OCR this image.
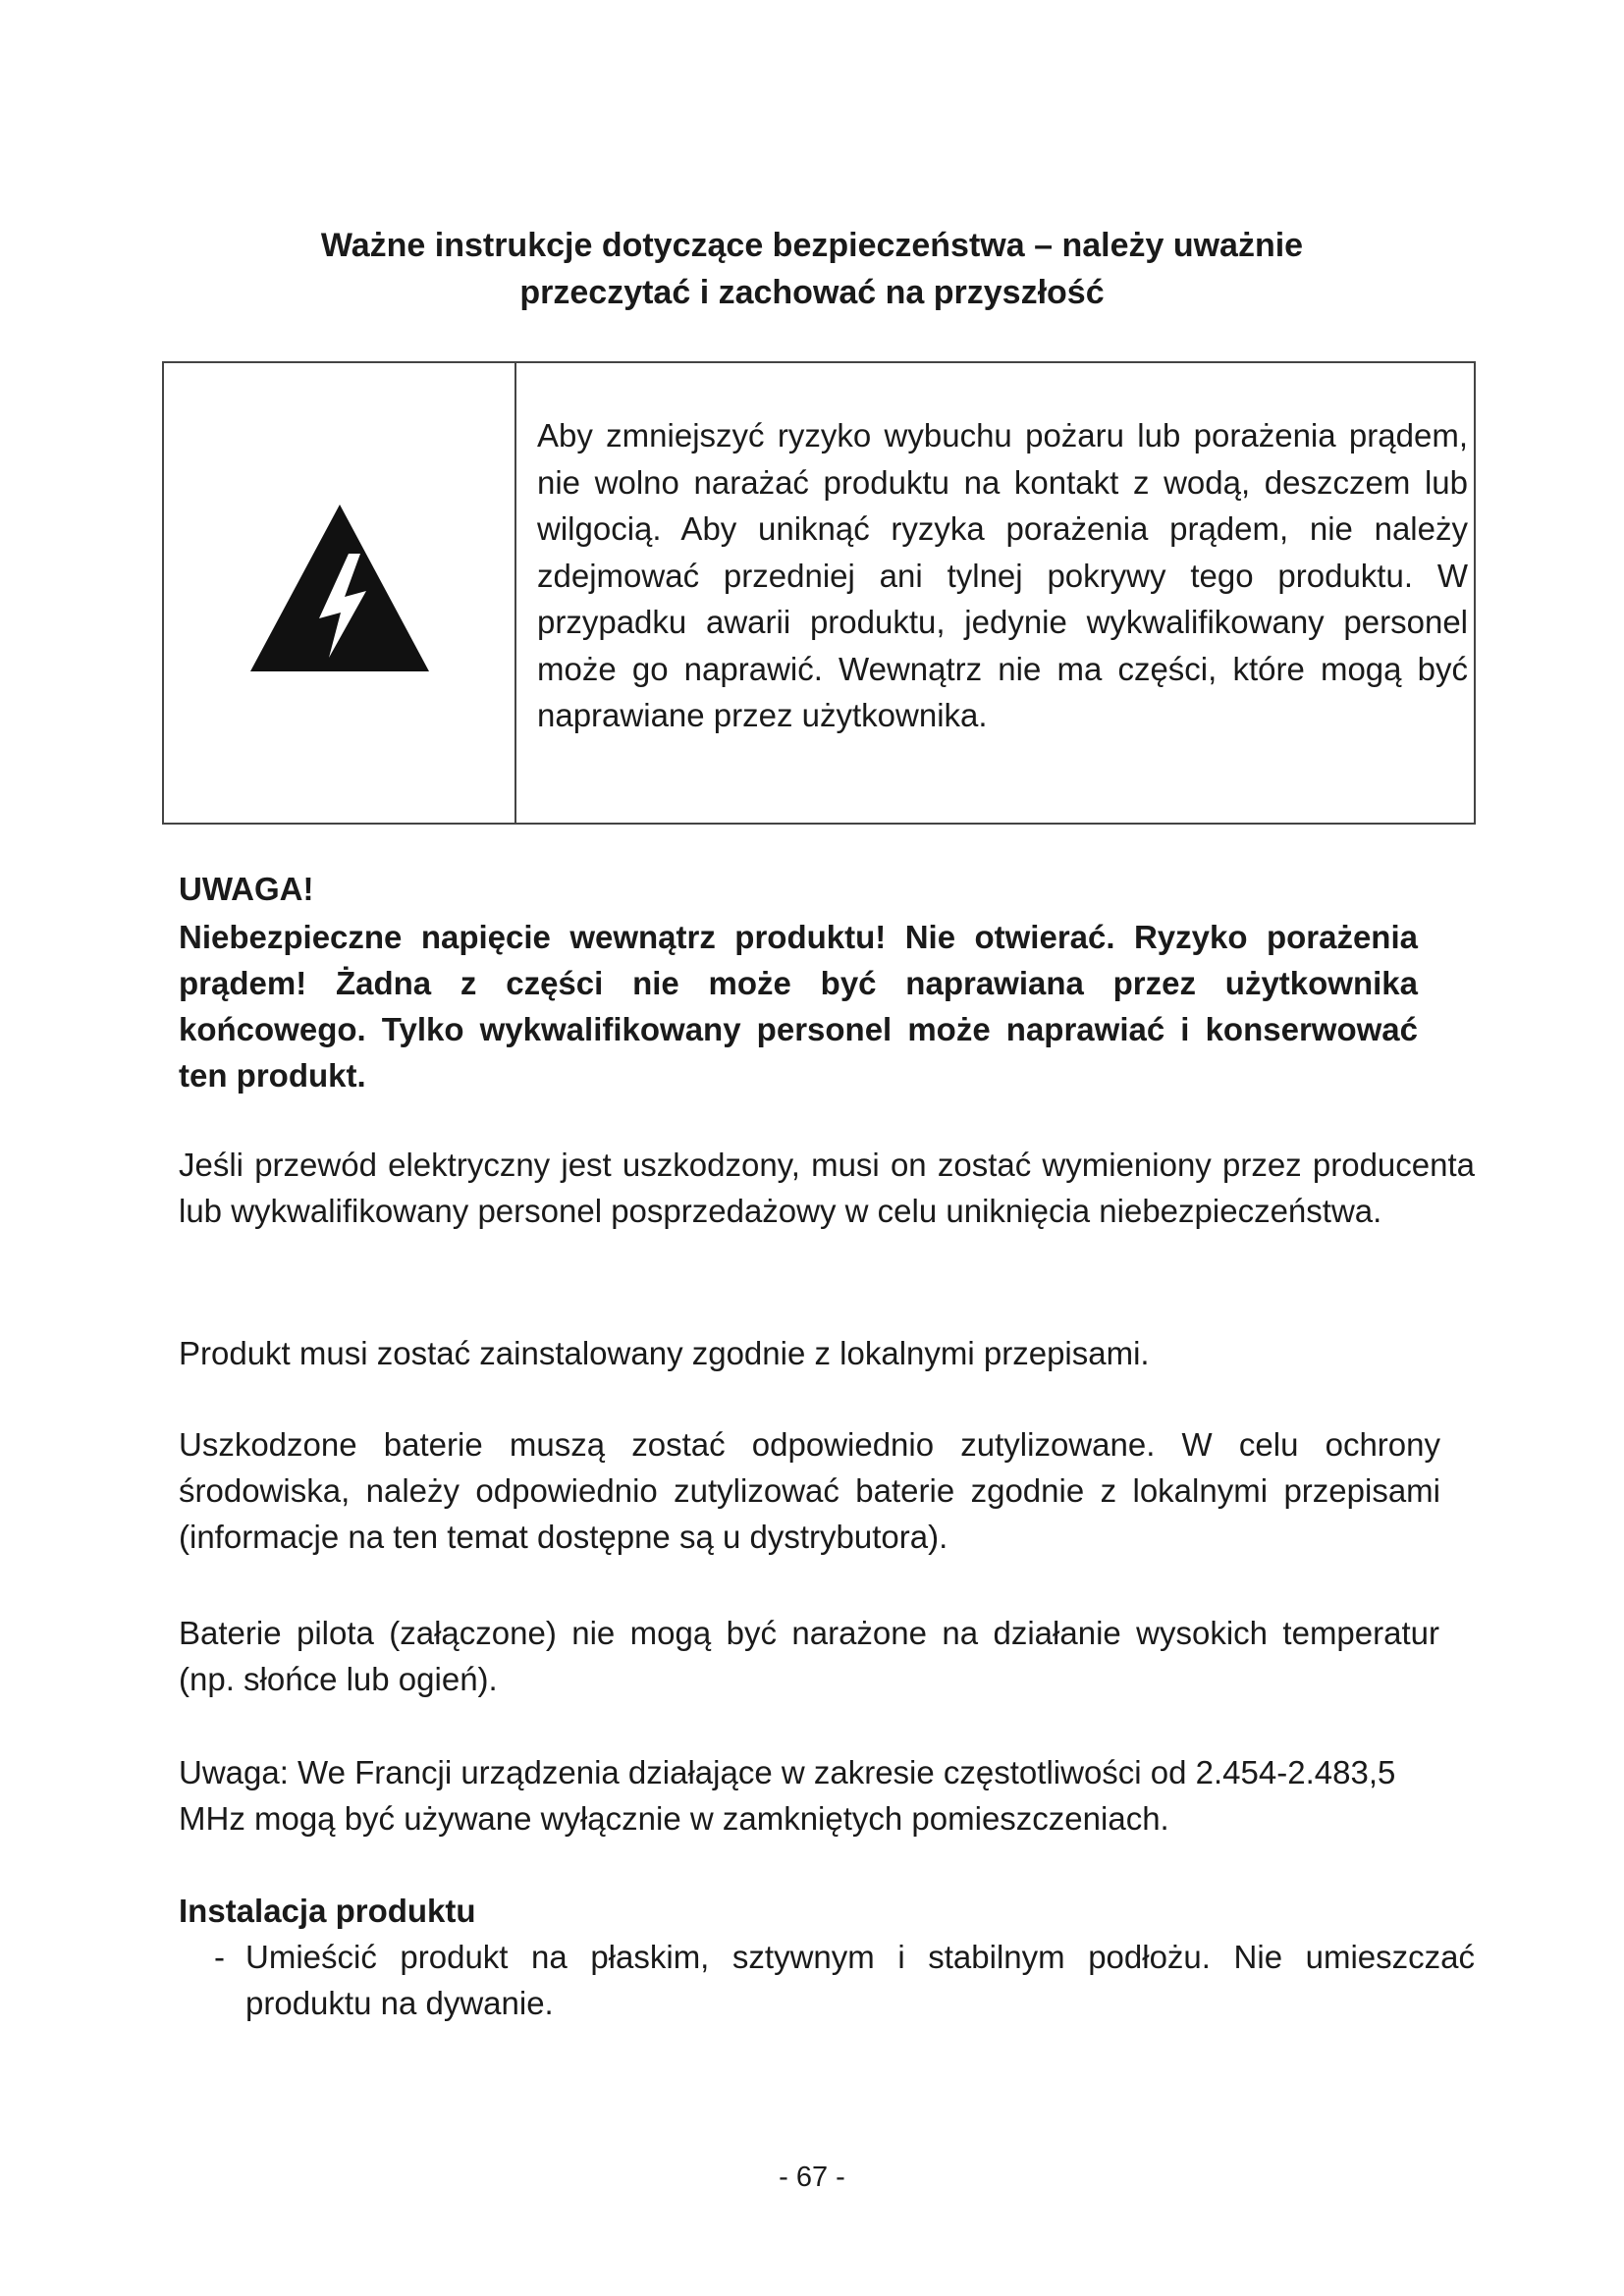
Ważne instrukcje dotyczące bezpieczeństwa – należy uważnie
przeczytać i zachować na przyszłość
Aby zmniejszyć ryzyko wybuchu pożaru lub porażenia prądem, nie wolno narażać produktu na kontakt z wodą, deszczem lub wilgocią. Aby uniknąć ryzyka porażenia prądem, nie należy zdejmować przedniej ani tylnej pokrywy tego produktu. W przypadku awarii produktu, jedynie wykwalifikowany personel może go naprawić. Wewnątrz nie ma części, które mogą być naprawiane przez użytkownika.
UWAGA!
Niebezpieczne napięcie wewnątrz produktu! Nie otwierać. Ryzyko porażenia prądem! Żadna z części nie może być naprawiana przez użytkownika końcowego. Tylko wykwalifikowany personel może naprawiać i konserwować ten produkt.
Jeśli przewód elektryczny jest uszkodzony, musi on zostać wymieniony przez producenta lub wykwalifikowany personel posprzedażowy w celu uniknięcia niebezpieczeństwa.
Produkt musi zostać zainstalowany zgodnie z lokalnymi przepisami.
Uszkodzone baterie muszą zostać odpowiednio zutylizowane. W celu ochrony środowiska, należy odpowiednio zutylizować baterie zgodnie z lokalnymi przepisami (informacje na ten temat dostępne są u dystrybutora).
Baterie pilota (załączone) nie mogą być narażone na działanie wysokich temperatur (np. słońce lub ogień).
Uwaga: We Francji urządzenia działające w zakresie częstotliwości od 2.454-2.483,5 MHz mogą być używane wyłącznie w zamkniętych pomieszczeniach.
Instalacja produktu
- Umieścić produkt na płaskim, sztywnym i stabilnym podłożu. Nie umieszczać produktu na dywanie.
- 67 -
